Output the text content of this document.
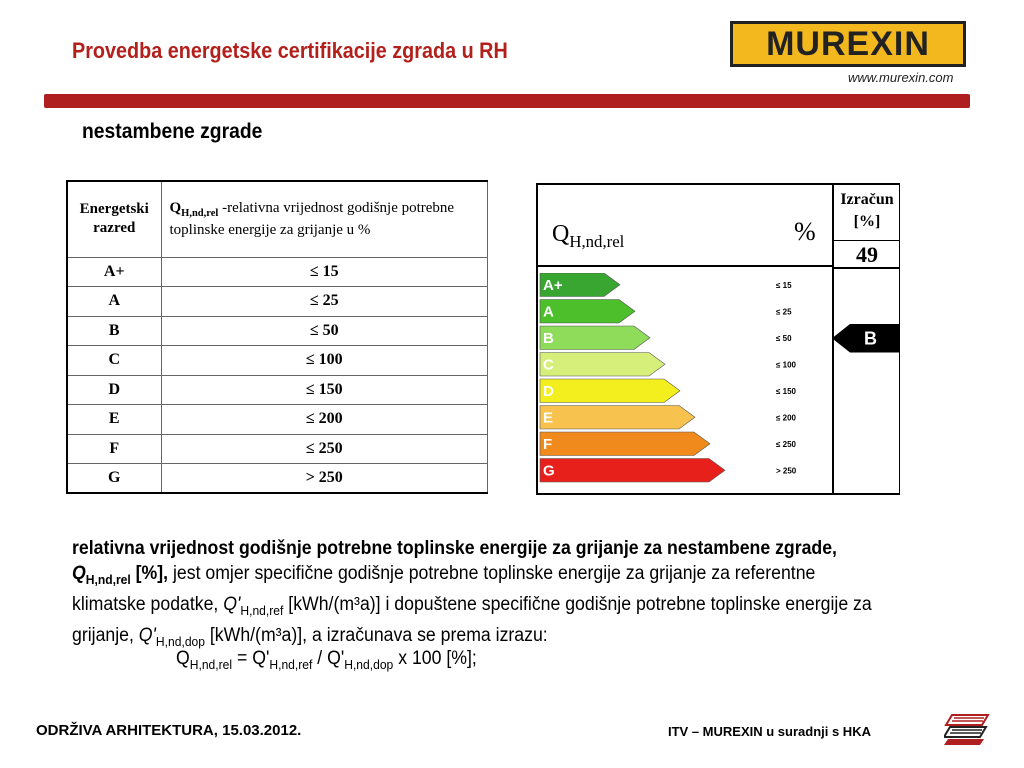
Provedba energetske certifikacije zgrada u RH	MUREXIN
www.murexin.com
nestambene zgrade
Energetski razred	$Q_{H,nd,rel}$ -relativna vrijednost godišnje potrebne toplinske energije za grijanje u %
A+	≤ 15
A	≤ 25
B	≤ 50
C	≤ 100
D	≤ 150
E	≤ 200
F	≤ 250
G	> 250
$Q_{H,nd,rel}$	%
Izračun
[%]
49
A+	≤ 15
A	≤ 25
B	≤ 50
C	≤ 100
D	≤ 150
E	≤ 200
F	≤ 250
G	> 250
B
relativna vrijednost godišnje potrebne toplinske energije za grijanje za nestambene zgrade, $Q_{H,nd,rel}$ [%], jest omjer specifične godišnje potrebne toplinske energije za grijanje za referentne klimatske podatke, $Q'_{H,nd,ref}$ [kWh/(m³a)] i dopuštene specifične godišnje potrebne toplinske energije za grijanje, $Q'_{H,nd,dop}$ [kWh/(m³a)], a izračunava se prema izrazu:
$Q_{H,nd,rel} = Q'_{H,nd,ref} / Q'_{H,nd,dop}$ x 100 [%];
ODRŽIVA ARHITEKTURA, 15.03.2012.	ITV – MUREXIN u suradnji s HKA
